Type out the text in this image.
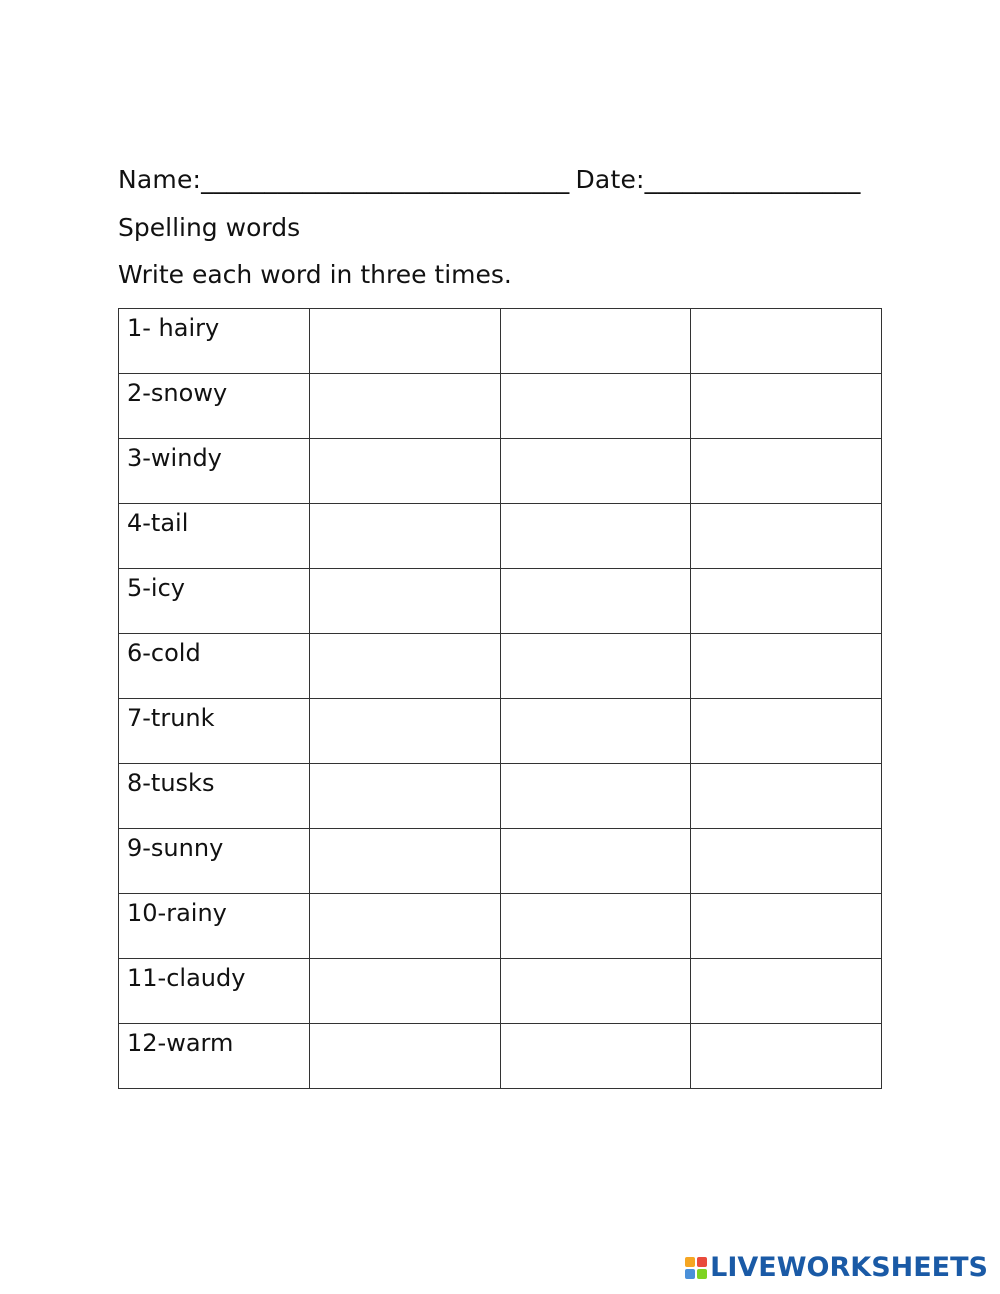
Name:_____________________________ Date:_________________
Spelling words
Write each word in three times.
1- hairy			

2-snowy			

3-windy			

4-tail			

5-icy			

6-cold			

7-trunk			

8-tusks			

9-sunny			

10-rainy			

11-claudy			

12-warm			

LIVEWORKSHEETS
